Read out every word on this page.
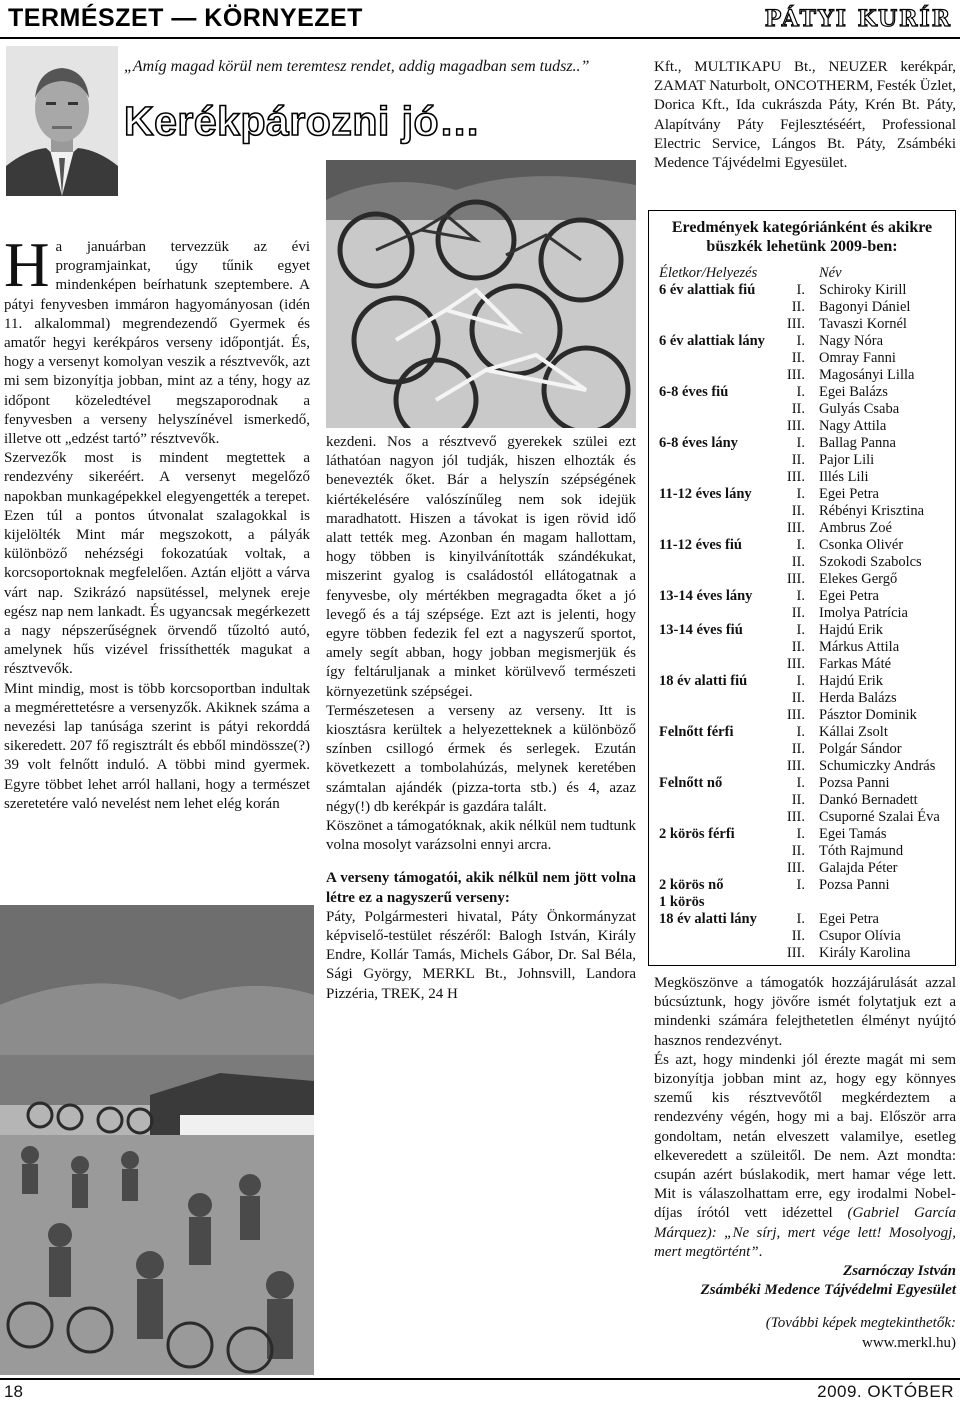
TERMÉSZET — KÖRNYEZET	PÁTYI KURÍR
„Amíg magad körül nem teremtesz rendet, addig magadban sem tudsz..”
Kerékpározni jó…

Ha januárban tervezzük az évi programjainkat, úgy tűnik egyet mindenképen beírhatunk szeptembere. A pátyi fenyvesben immáron hagyományosan (idén 11. alkalommal) megrendezendő Gyermek és amatőr hegyi kerékpáros verseny időpontját. És, hogy a versenyt komolyan veszik a résztvevők, azt mi sem bizonyítja jobban, mint az a tény, hogy az időpont közeledtével megszaporodnak a fenyvesben a verseny helyszínével ismerkedő, illetve ott „edzést tartó” résztvevők.

Szervezők most is mindent megtettek a rendezvény sikeréért. A versenyt megelőző napokban munkagépekkel elegyengették a terepet. Ezen túl a pontos útvonalat szalagokkal is kijelölték Mint már megszokott, a pályák különböző nehézségi fokozatúak voltak, a korcsoportoknak megfelelően. Aztán eljött a várva várt nap. Szikrázó napsütéssel, melynek ereje egész nap nem lankadt. És ugyancsak megérkezett a nagy népszerűségnek örvendő tűzoltó autó, amelynek hűs vizével frissíthették magukat a résztvevők.

Mint mindig, most is több korcsoportban indultak a megmérettetésre a versenyzők. Akiknek száma a nevezési lap tanúsága szerint is pátyi rekorddá sikeredett. 207 fő regisztrált és ebből mindössze(?) 39 volt felnőtt induló. A többi mind gyermek. Egyre többet lehet arról hallani, hogy a természet szeretetére való nevelést nem lehet elég korán

kezdeni. Nos a résztvevő gyerekek szülei ezt láthatóan nagyon jól tudják, hiszen elhozták és benevezték őket. Bár a helyszín szépségének kiértékelésére valószínűleg nem sok idejük maradhatott. Hiszen a távokat is igen rövid idő alatt tették meg. Azonban én magam hallottam, hogy többen is kinyilvánították szándékukat, miszerint gyalog is családostól ellátogatnak a fenyvesbe, oly mértékben megragadta őket a jó levegő és a táj szépsége. Ezt azt is jelenti, hogy egyre többen fedezik fel ezt a nagyszerű sportot, amely segít abban, hogy jobban megismerjük és így feltáruljanak a minket körülvevő természeti környezetünk szépségei.

Természetesen a verseny az verseny. Itt is kiosztásra kerültek a helyezetteknek a különböző színben csillogó érmek és serlegek. Ezután következett a tombolahúzás, melynek keretében számtalan ajándék (pizza-torta stb.) és 4, azaz négy(!) db kerékpár is gazdára talált.

Köszönet a támogatóknak, akik nélkül nem tudtunk volna mosolyt varázsolni ennyi arcra.

A verseny támogatói, akik nélkül nem jött volna létre ez a nagyszerű verseny:

Páty, Polgármesteri hivatal, Páty Önkormányzat képviselő-testület részéről: Balogh István, Király Endre, Kollár Tamás, Michels Gábor, Dr. Sal Béla, Sági György, MERKL Bt., Johnsvill, Landora Pizzéria, TREK, 24 H

Kft., MULTIKAPU Bt., NEUZER kerékpár, ZAMAT Naturbolt, ONCOTHERM, Festék Üzlet, Dorica Kft., Ida cukrászda Páty, Krén Bt. Páty, Alapítvány Páty Fejlesztéséért, Professional Electric Service, Lángos Bt. Páty, Zsámbéki Medence Tájvédelmi Egyesület.

Eredmények kategóriánként és akikre büszkék lehetünk 2009-ben:
Életkor/Helyezés	Név
6 év alattiak fiú	I. Schiroky Kirill
II. Bagonyi Dániel
III. Tavaszi Kornél
6 év alattiak lány	I. Nagy Nóra
II. Omray Fanni
III. Magosányi Lilla
6-8 éves fiú	I. Egei Balázs
II. Gulyás Csaba
III. Nagy Attila
6-8 éves lány	I. Ballag Panna
II. Pajor Lili
III. Illés Lili
11-12 éves lány	I. Egei Petra
II. Rébényi Krisztina
III. Ambrus Zoé
11-12 éves fiú	I. Csonka Olivér
II. Szokodi Szabolcs
III. Elekes Gergő
13-14 éves lány	I. Egei Petra
II. Imolya Patrícia
13-14 éves fiú	I. Hajdú Erik
II. Márkus Attila
III. Farkas Máté
18 év alatti fiú	I. Hajdú Erik
II. Herda Balázs
III. Pásztor Dominik
Felnőtt férfi	I. Kállai Zsolt
II. Polgár Sándor
III. Schumiczky András
Felnőtt nő	I. Pozsa Panni
II. Dankó Bernadett
III. Csuporné Szalai Éva
2 körös férfi	I. Egei Tamás
II. Tóth Rajmund
III. Galajda Péter
2 körös nő	I. Pozsa Panni
1 körös
18 év alatti lány	I. Egei Petra
II. Csupor Olívia
III. Király Karolina

Megköszönve a támogatók hozzájárulását azzal búcsúztunk, hogy jövőre ismét folytatjuk ezt a mindenki számára felejthetetlen élményt nyújtó hasznos rendezvényt.

És azt, hogy mindenki jól érezte magát mi sem bizonyítja jobban mint az, hogy egy könnyes szemű kis résztvevőtől megkérdeztem a rendezvény végén, hogy mi a baj. Először arra gondoltam, netán elveszett valamilye, esetleg elkeveredett a szüleitől. De nem. Azt mondta: csupán azért búslakodik, mert hamar vége lett. Mit is válaszolhattam erre, egy irodalmi Nobel-díjas írótól vett idézettel (Gabriel García Márquez): „Ne sírj, mert vége lett! Mosolyogj, mert megtörtént”.

Zsarnóczay István

Zsámbéki Medence Tájvédelmi Egyesület

(További képek megtekinthetők:

www.merkl.hu)

18	2009. OKTÓBER
